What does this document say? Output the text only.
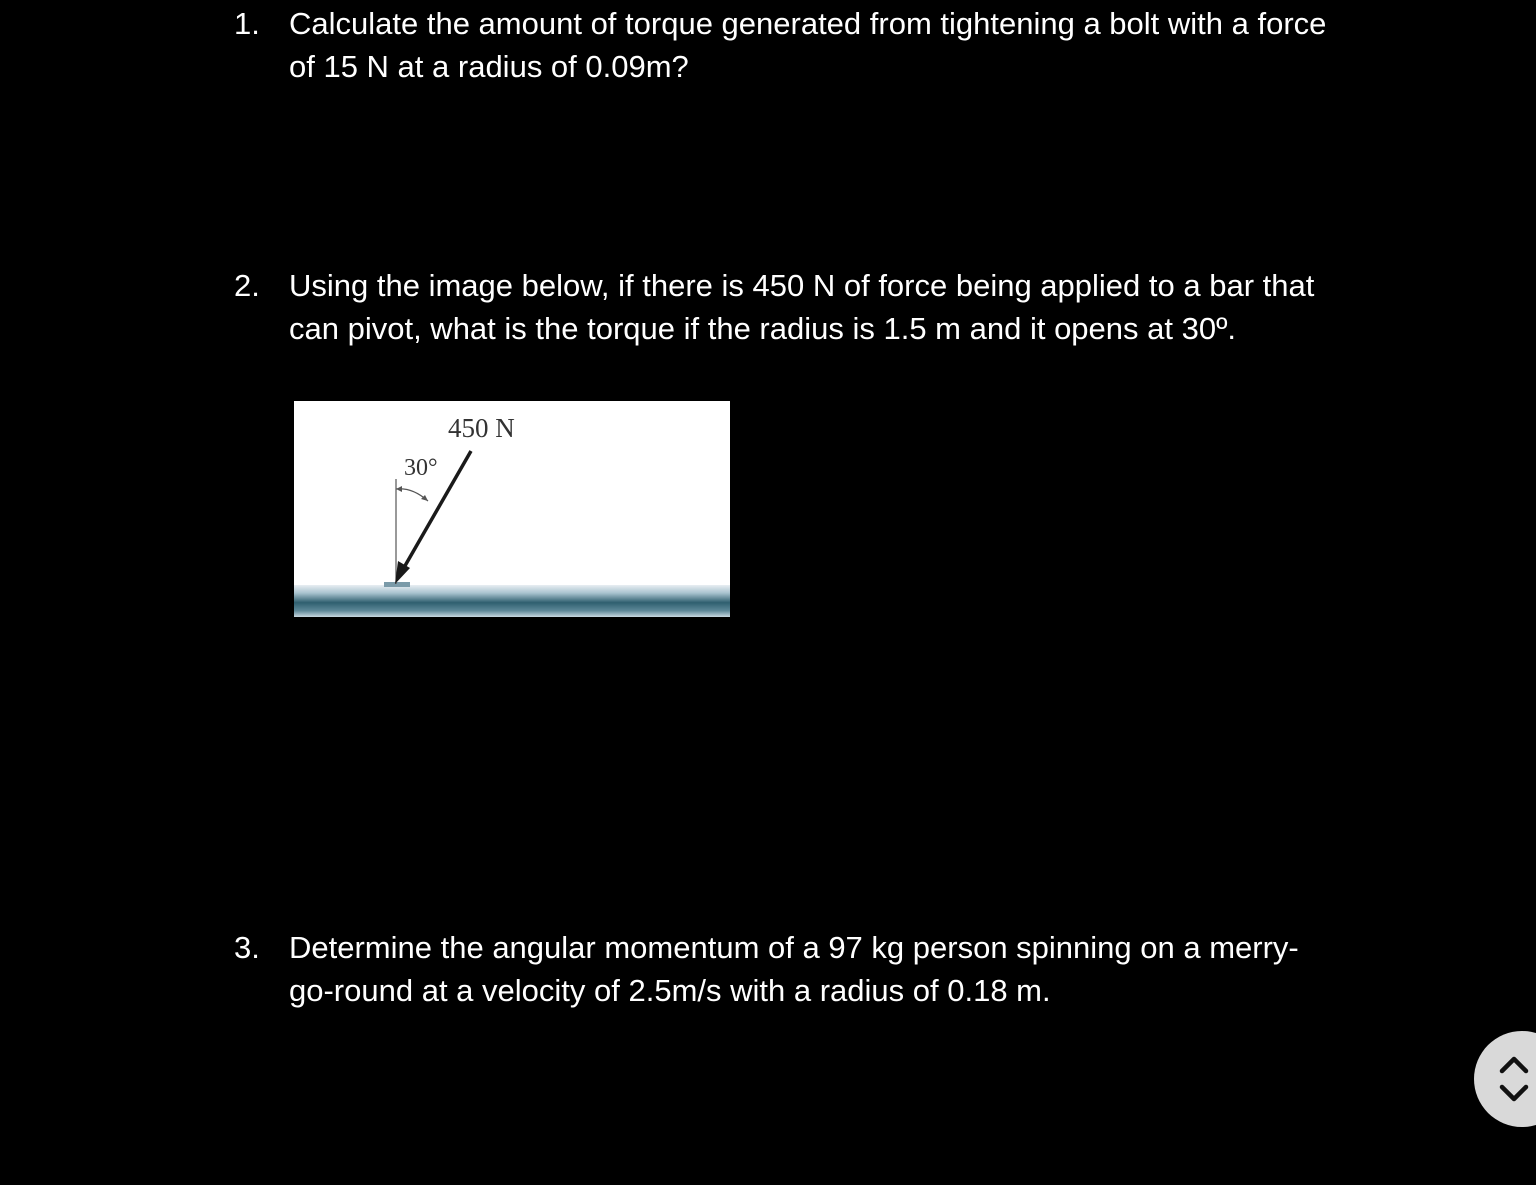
1. Calculate the amount of torque generated from tightening a bolt with a force of 15 N at a radius of 0.09m?
2. Using the image below, if there is 450 N of force being applied to a bar that can pivot, what is the torque if the radius is 1.5 m and it opens at 30º.
450 N
30°
3. Determine the angular momentum of a 97 kg person spinning on a merry-go-round at a velocity of 2.5m/s with a radius of 0.18 m.
